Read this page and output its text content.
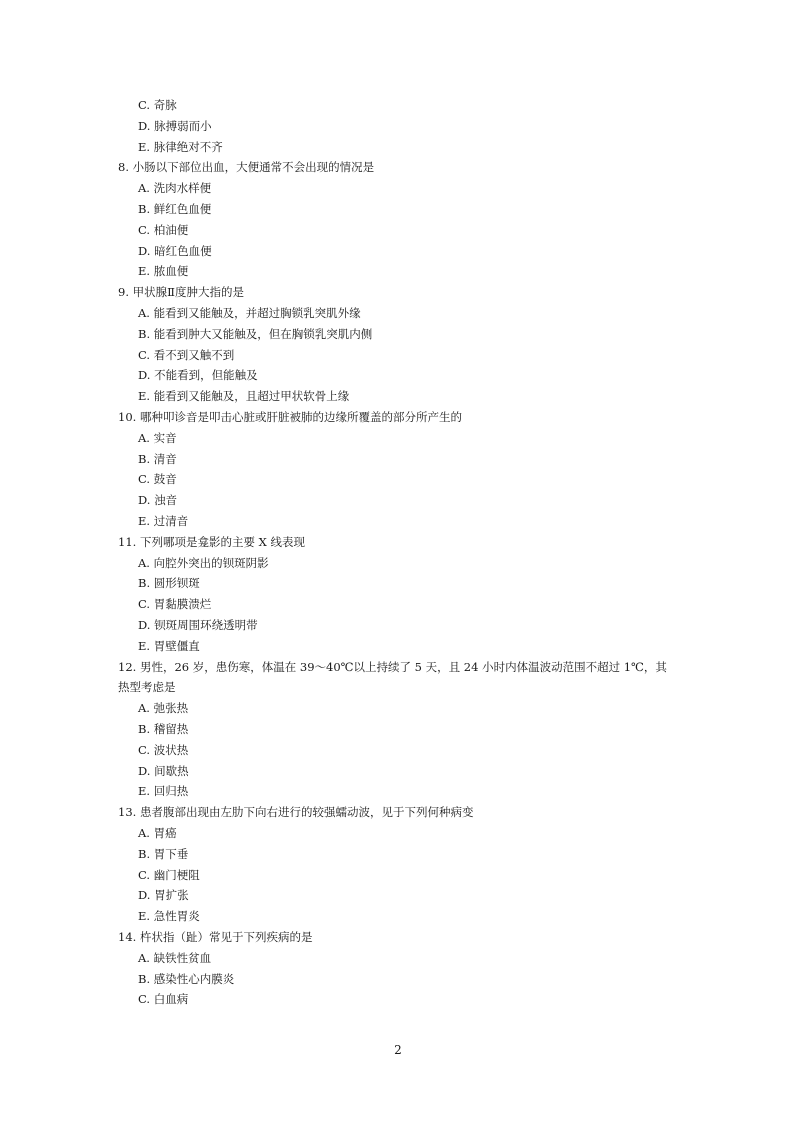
C. 奇脉
D. 脉搏弱而小
E. 脉律绝对不齐
8. 小肠以下部位出血，大便通常不会出现的情况是
A. 洗肉水样便
B. 鲜红色血便
C. 柏油便
D. 暗红色血便
E. 脓血便
9. 甲状腺Ⅱ度肿大指的是
A. 能看到又能触及，并超过胸锁乳突肌外缘
B. 能看到肿大又能触及，但在胸锁乳突肌内侧
C. 看不到又触不到
D. 不能看到，但能触及
E. 能看到又能触及，且超过甲状软骨上缘
10. 哪种叩诊音是叩击心脏或肝脏被肺的边缘所覆盖的部分所产生的
A. 实音
B. 清音
C. 鼓音
D. 浊音
E. 过清音
11. 下列哪项是龛影的主要 X 线表现
A. 向腔外突出的钡斑阴影
B. 圆形钡斑
C. 胃黏膜溃烂
D. 钡斑周围环绕透明带
E. 胃壁僵直
12. 男性，26 岁，患伤寒，体温在 39～40℃以上持续了 5 天，且 24 小时内体温波动范围不超过 1℃，其
热型考虑是
A. 弛张热
B. 稽留热
C. 波状热
D. 间歇热
E. 回归热
13. 患者腹部出现由左肋下向右进行的较强蠕动波，见于下列何种病变
A. 胃癌
B. 胃下垂
C. 幽门梗阻
D. 胃扩张
E. 急性胃炎
14. 杵状指（趾）常见于下列疾病的是
A. 缺铁性贫血
B. 感染性心内膜炎
C. 白血病
2
